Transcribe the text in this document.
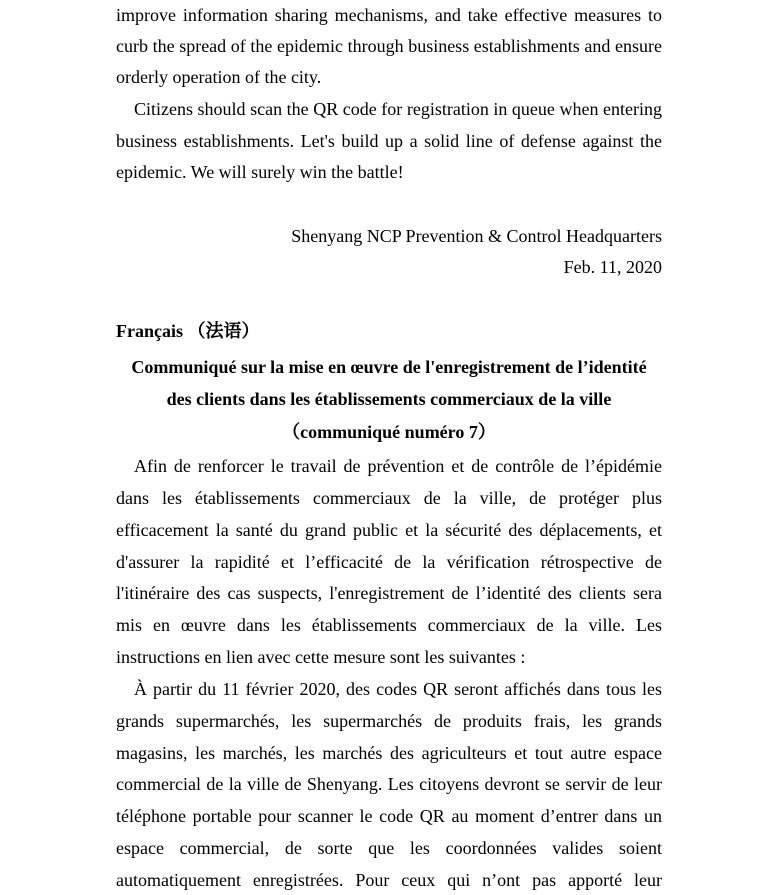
improve information sharing mechanisms, and take effective measures to
curb the spread of the epidemic through business establishments and ensure
orderly operation of the city.
Citizens should scan the QR code for registration in queue when entering
business establishments. Let's build up a solid line of defense against the
epidemic. We will surely win the battle!
Shenyang NCP Prevention & Control Headquarters
Feb. 11, 2020
Français （法语）
Communiqué sur la mise en œuvre de l'enregistrement de l’identité
des clients dans les établissements commerciaux de la ville
（communiqué numéro 7）
Afin de renforcer le travail de prévention et de contrôle de l’épidémie
dans les établissements commerciaux de la ville, de protéger plus
efficacement la santé du grand public et la sécurité des déplacements, et
d'assurer la rapidité et l’efficacité de la vérification rétrospective de
l'itinéraire des cas suspects, l'enregistrement de l’identité des clients sera
mis en œuvre dans les établissements commerciaux de la ville. Les
instructions en lien avec cette mesure sont les suivantes :
À partir du 11 février 2020, des codes QR seront affichés dans tous les
grands supermarchés, les supermarchés de produits frais, les grands
magasins, les marchés, les marchés des agriculteurs et tout autre espace
commercial de la ville de Shenyang. Les citoyens devront se servir de leur
téléphone portable pour scanner le code QR au moment d’entrer dans un
espace commercial, de sorte que les coordonnées valides soient
automatiquement enregistrées. Pour ceux qui n’ont pas apporté leur
